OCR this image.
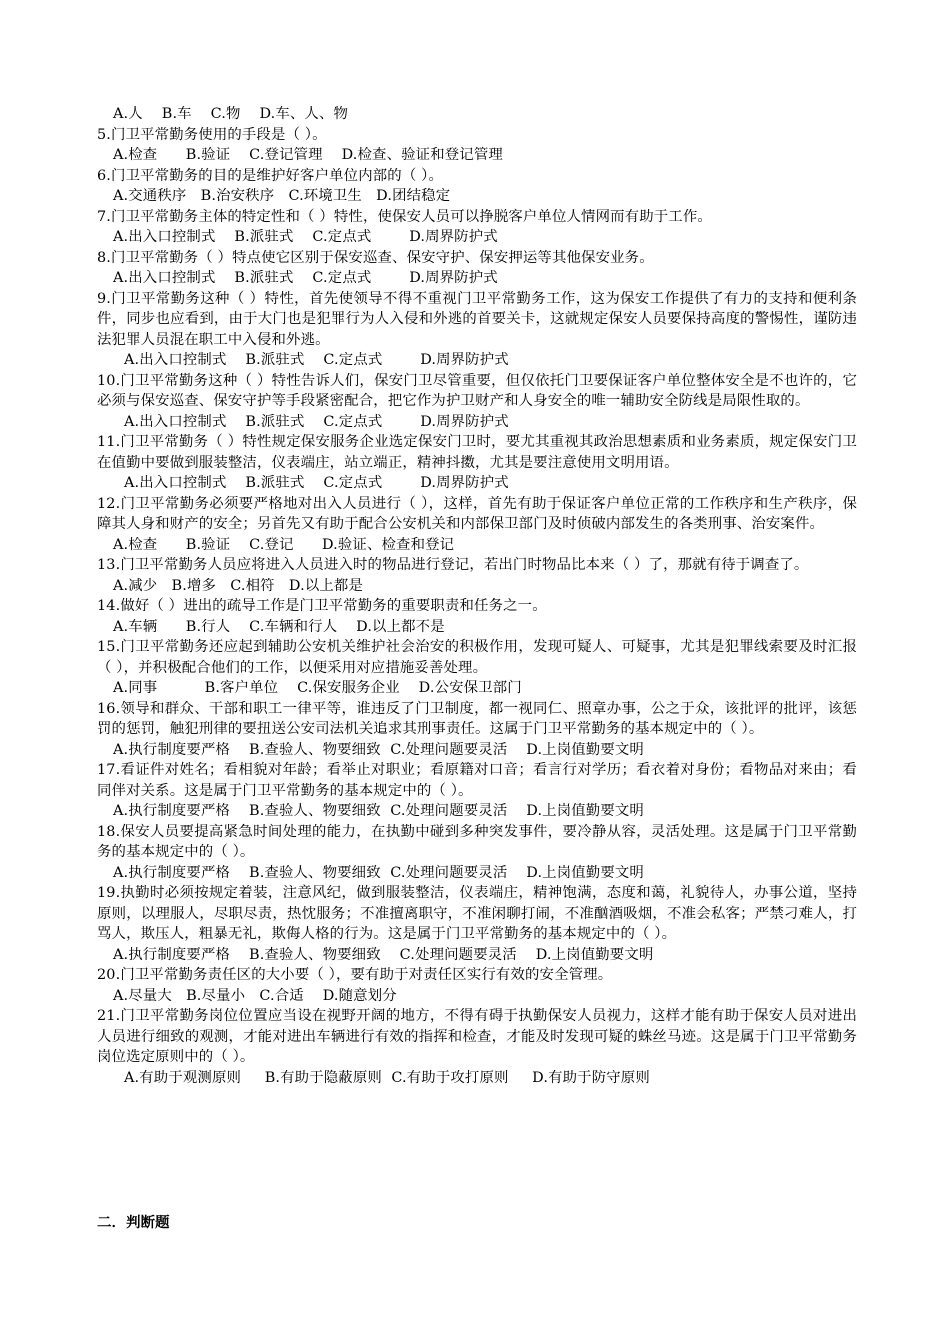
A.人 B.车 C.物 D.车、人、物

5.门卫平常勤务使用的手段是（ ）。

A.检查 B.验证 C.登记管理 D.检查、验证和登记管理

6.门卫平常勤务的目的是维护好客户单位内部的（ ）。

A.交通秩序 B.治安秩序 C.环境卫生 D.团结稳定

7.门卫平常勤务主体的特定性和（ ）特性，使保安人员可以挣脱客户单位人情网而有助于工作。

A.出入口控制式 B.派驻式 C.定点式	D.周界防护式

8.门卫平常勤务（ ）特点使它区别于保安巡查、保安守护、保安押运等其他保安业务。

A.出入口控制式 B.派驻式 C.定点式	D.周界防护式

9.门卫平常勤务这种（ ）特性，首先使领导不得不重视门卫平常勤务工作，这为保安工作提供了有力的支持和便利条件，同步也应看到，由于大门也是犯罪行为人入侵和外逃的首要关卡，这就规定保安人员要保持高度的警惕性，谨防违法犯罪人员混在职工中入侵和外逃。

A.出入口控制式 B.派驻式 C.定点式	D.周界防护式

10.门卫平常勤务这种（ ）特性告诉人们，保安门卫尽管重要，但仅依托门卫要保证客户单位整体安全是不也许的，它必须与保安巡查、保安守护等手段紧密配合，把它作为护卫财产和人身安全的唯一辅助安全防线是局限性取的。

A.出入口控制式 B.派驻式 C.定点式	D.周界防护式

11.门卫平常勤务（ ）特性规定保安服务企业选定保安门卫时，要尤其重视其政治思想素质和业务素质，规定保安门卫在值勤中要做到服装整洁，仪表端庄，站立端正，精神抖擞，尤其是要注意使用文明用语。

A.出入口控制式 B.派驻式 C.定点式	D.周界防护式

12.门卫平常勤务必须要严格地对出入人员进行（ ），这样，首先有助于保证客户单位正常的工作秩序和生产秩序，保障其人身和财产的安全；另首先又有助于配合公安机关和内部保卫部门及时侦破内部发生的各类刑事、治安案件。

A.检查 B.验证 C.登记 D.验证、检查和登记

13.门卫平常勤务人员应将进入人员进入时的物品进行登记，若出门时物品比本来（ ）了，那就有待于调查了。

A.减少 B.增多 C.相符 D.以上都是

14.做好（ ）进出的疏导工作是门卫平常勤务的重要职责和任务之一。

A.车辆 B.行人 C.车辆和行人 D.以上都不是

15.门卫平常勤务还应起到辅助公安机关维护社会治安的积极作用，发现可疑人、可疑事，尤其是犯罪线索要及时汇报（ ），并积极配合他们的工作，以便采用对应措施妥善处理。

A.同事	B.客户单位 C.保安服务企业 D.公安保卫部门

16.领导和群众、干部和职工一律平等，谁违反了门卫制度，都一视同仁、照章办事，公之于众，该批评的批评，该惩罚的惩罚，触犯刑律的要扭送公安司法机关追求其刑事责任。这属于门卫平常勤务的基本规定中的（ ）。

A.执行制度要严格 B.查验人、物要细致 C.处理问题要灵活 D.上岗值勤要文明

17.看证件对姓名；看相貌对年龄；看举止对职业；看原籍对口音；看言行对学历；看衣着对身份；看物品对来由；看同伴对关系。这是属于门卫平常勤务的基本规定中的（ ）。

A.执行制度要严格 B.查验人、物要细致 C.处理问题要灵活 D.上岗值勤要文明

18.保安人员要提高紧急时间处理的能力，在执勤中碰到多种突发事件，要冷静从容，灵活处理。这是属于门卫平常勤务的基本规定中的（ ）。

A.执行制度要严格 B.查验人、物要细致 C.处理问题要灵活 D.上岗值勤要文明

19.执勤时必须按规定着装，注意风纪，做到服装整洁，仪表端庄，精神饱满，态度和蔼，礼貌待人，办事公道，坚持原则，以理服人，尽职尽责，热忱服务；不准擅离职守，不准闲聊打闹，不准酗酒吸烟，不准会私客；严禁刁难人，打骂人，欺压人，粗暴无礼，欺侮人格的行为。这是属于门卫平常勤务的基本规定中的（ ）。

A.执行制度要严格 B.查验人、物要细致 C.处理问题要灵活 D.上岗值勤要文明

20.门卫平常勤务责任区的大小要（ ），要有助于对责任区实行有效的安全管理。

A.尽量大 B.尽量小 C.合适 D.随意划分

21.门卫平常勤务岗位位置应当设在视野开阔的地方，不得有碍于执勤保安人员视力，这样才能有助于保安人员对进出人员进行细致的观测，才能对进出车辆进行有效的指挥和检查，才能及时发现可疑的蛛丝马迹。这是属于门卫平常勤务岗位选定原则中的（ ）。

A.有助于观测原则 B.有助于隐蔽原则 C.有助于攻打原则 D.有助于防守原则

二．判断题
